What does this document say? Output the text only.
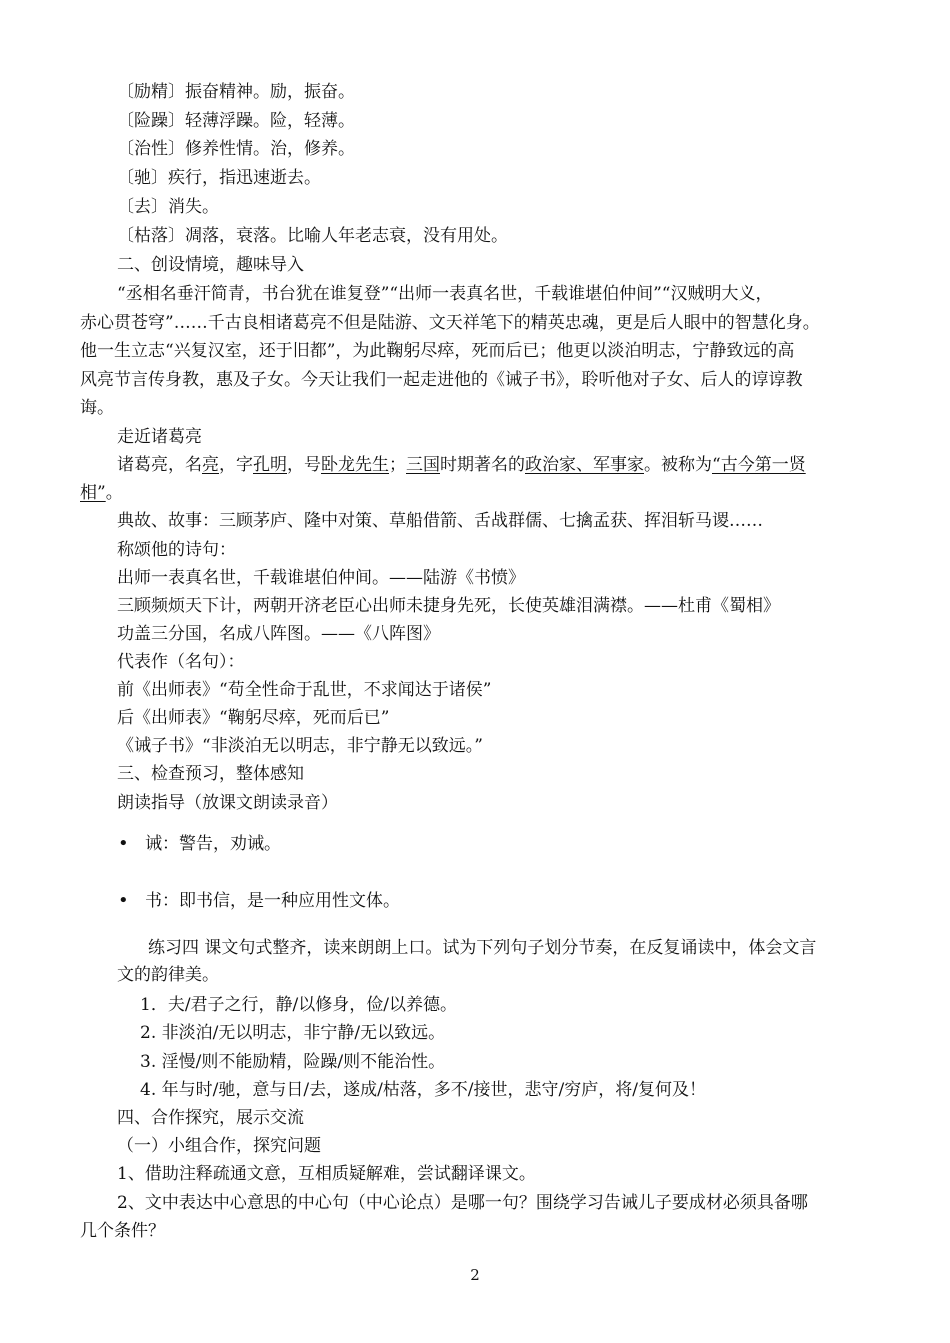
〔励精〕振奋精神。励，振奋。

〔险躁〕轻薄浮躁。险，轻薄。

〔治性〕修养性情。治，修养。

〔驰〕疾行，指迅速逝去。

〔去〕消失。

〔枯落〕凋落，衰落。比喻人年老志衰，没有用处。

二、创设情境，趣味导入

“丞相名垂汗简青，书台犹在谁复登”“出师一表真名世，千载谁堪伯仲间”“汉贼明大义，

赤心贯苍穹”……千古良相诸葛亮不但是陆游、文天祥笔下的精英忠魂，更是后人眼中的智慧化身。

他一生立志“兴复汉室，还于旧都”，为此鞠躬尽瘁，死而后已；他更以淡泊明志，宁静致远的高

风亮节言传身教，惠及子女。今天让我们一起走进他的《诫子书》，聆听他对子女、后人的谆谆教

诲。

走近诸葛亮

诸葛亮，名亮，字孔明，号卧龙先生；三国时期著名的政治家、军事家。被称为“古今第一贤

相”。

典故、故事：三顾茅庐、隆中对策、草船借箭、舌战群儒、七擒孟获、挥泪斩马谡……

称颂他的诗句：

出师一表真名世，千载谁堪伯仲间。——陆游《书愤》

三顾频烦天下计，两朝开济老臣心出师未捷身先死，长使英雄泪满襟。——杜甫《蜀相》

功盖三分国，名成八阵图。——《八阵图》

代表作（名句）：

前《出师表》“苟全性命于乱世，不求闻达于诸侯”

后《出师表》“鞠躬尽瘁，死而后已”

《诫子书》“非淡泊无以明志，非宁静无以致远。”

三、检查预习，整体感知

朗读指导（放课文朗读录音）

• 诫：警告，劝诫。

• 书：即书信，是一种应用性文体。

练习四 课文句式整齐，读来朗朗上口。试为下列句子划分节奏，在反复诵读中，体会文言

文的韵律美。

1．夫/君子之行，静/以修身，俭/以养德。

2. 非淡泊/无以明志，非宁静/无以致远。

3. 淫慢/则不能励精，险躁/则不能治性。

4. 年与时/驰，意与日/去，遂成/枯落，多不/接世，悲守/穷庐，将/复何及！

四、合作探究，展示交流

（一）小组合作，探究问题

1、借助注释疏通文意，互相质疑解难，尝试翻译课文。

2、文中表达中心意思的中心句（中心论点）是哪一句？围绕学习告诫儿子要成材必须具备哪

几个条件？

2
